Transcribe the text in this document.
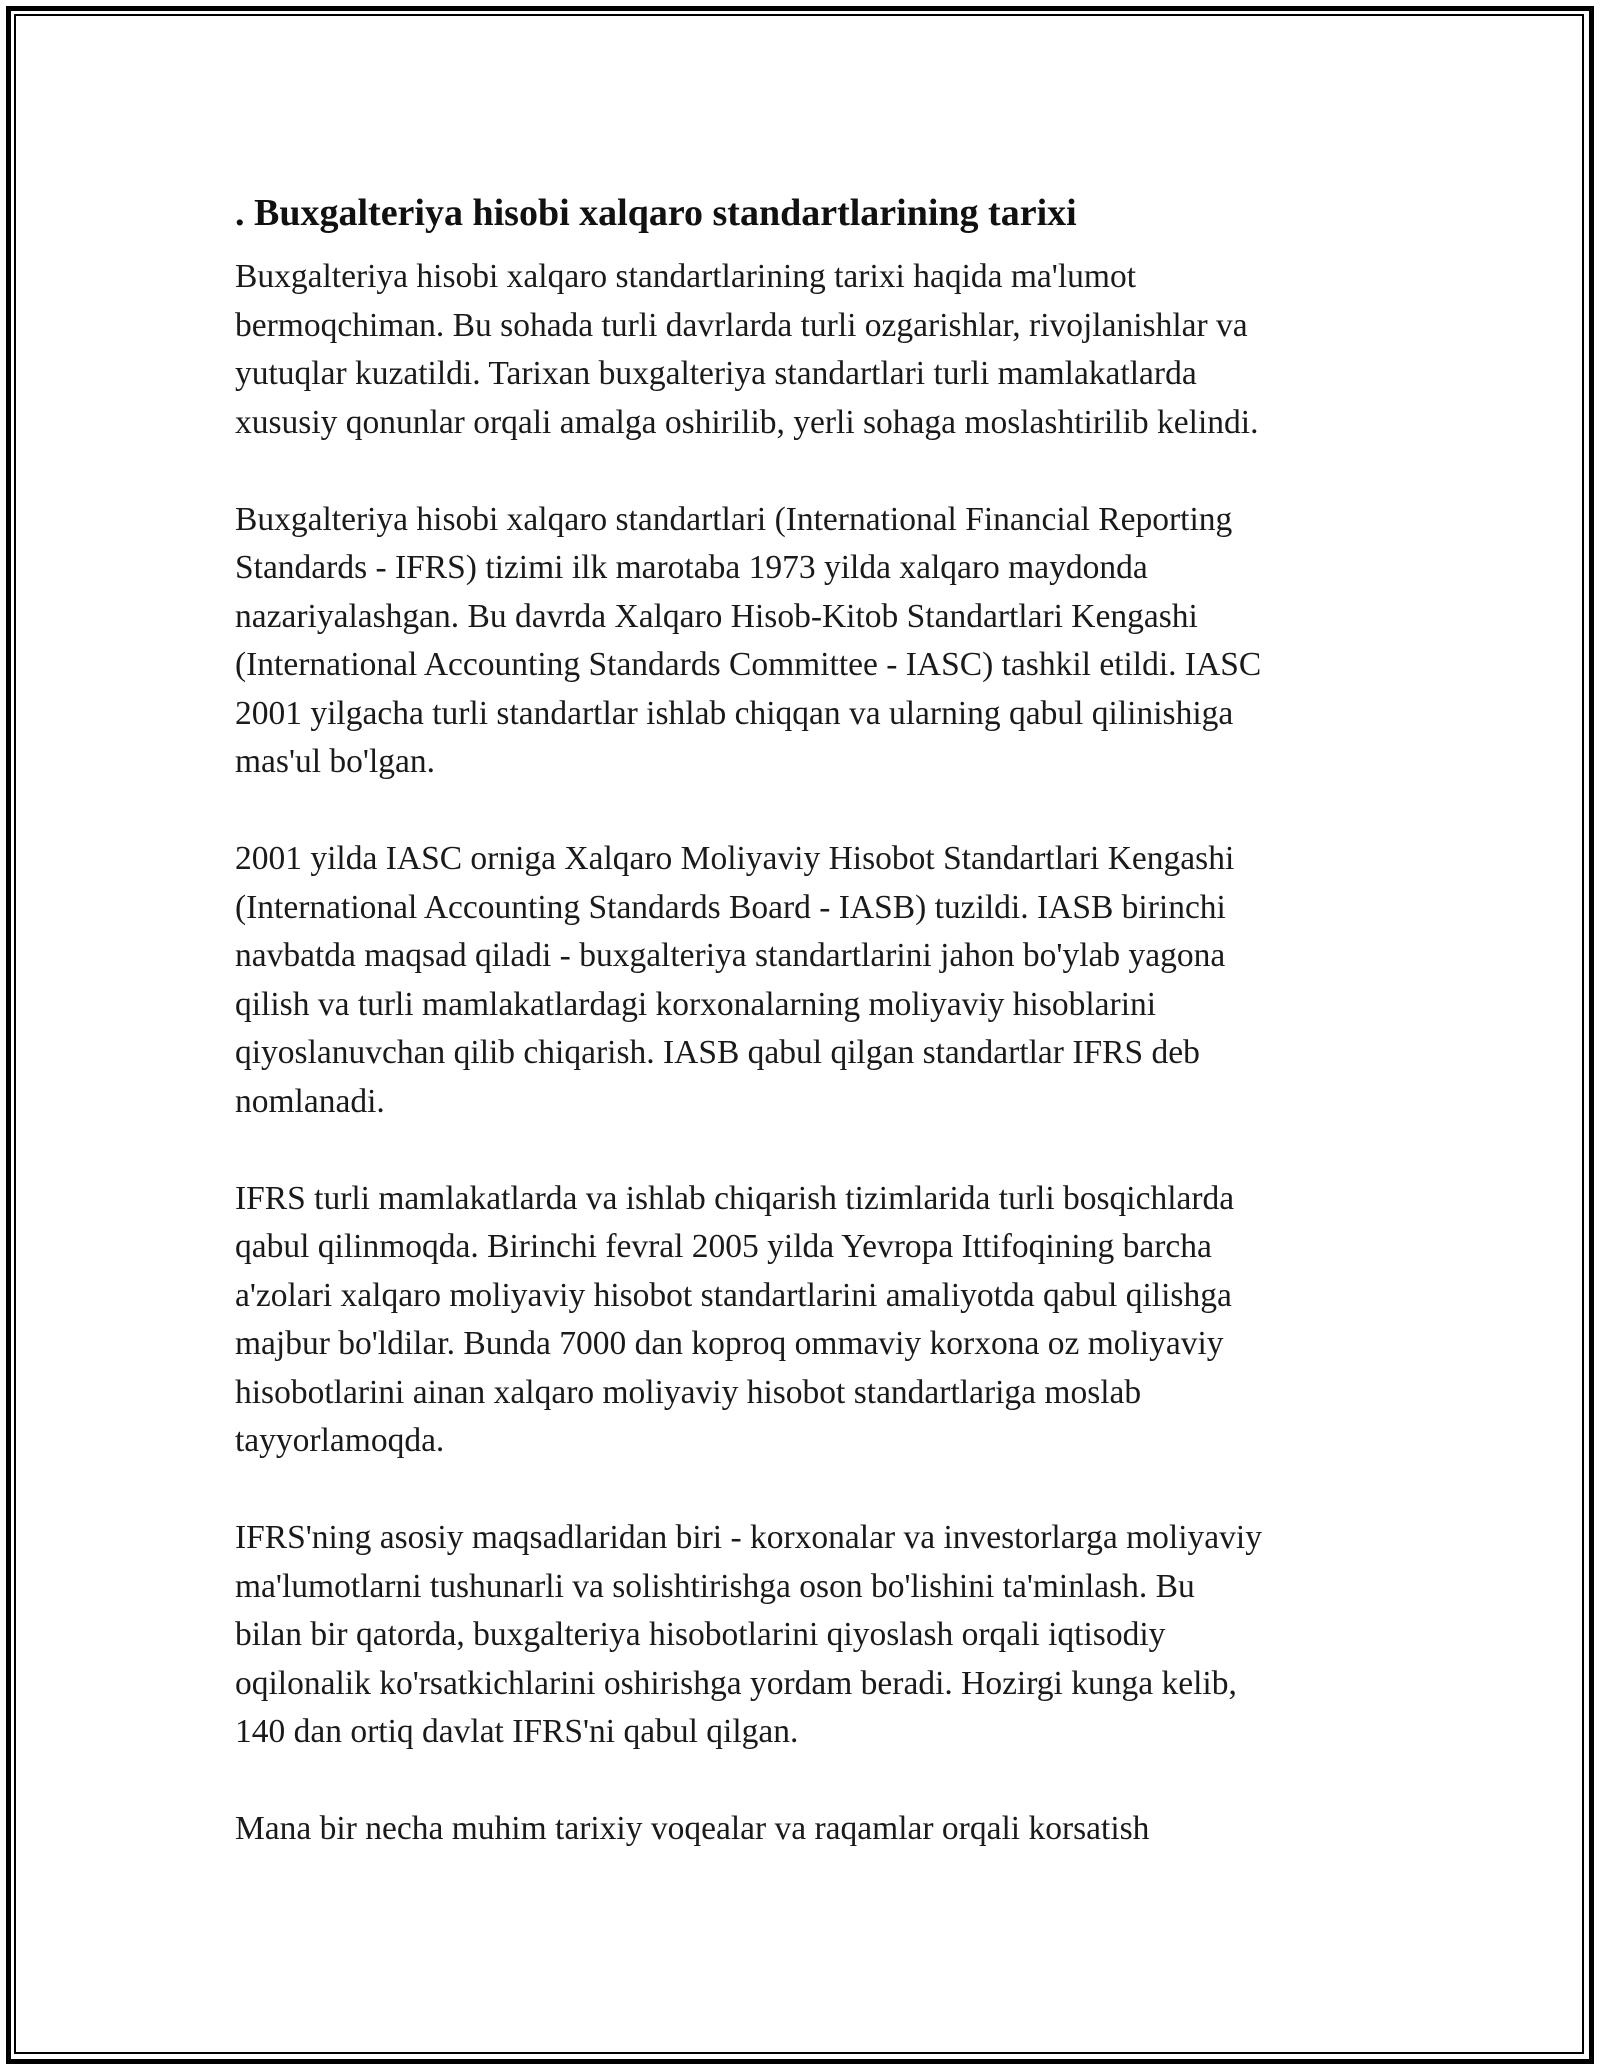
. Buxgalteriya hisobi xalqaro standartlarining tarixi

Buxgalteriya hisobi xalqaro standartlarining tarixi haqida ma'lumot
bermoqchiman. Bu sohada turli davrlarda turli ozgarishlar, rivojlanishlar va
yutuqlar kuzatildi. Tarixan buxgalteriya standartlari turli mamlakatlarda
xususiy qonunlar orqali amalga oshirilib, yerli sohaga moslashtirilib kelindi.

Buxgalteriya hisobi xalqaro standartlari (International Financial Reporting
Standards - IFRS) tizimi ilk marotaba 1973 yilda xalqaro maydonda
nazariyalashgan. Bu davrda Xalqaro Hisob-Kitob Standartlari Kengashi
(International Accounting Standards Committee - IASC) tashkil etildi. IASC
2001 yilgacha turli standartlar ishlab chiqqan va ularning qabul qilinishiga
mas'ul bo'lgan.

2001 yilda IASC orniga Xalqaro Moliyaviy Hisobot Standartlari Kengashi
(International Accounting Standards Board - IASB) tuzildi. IASB birinchi
navbatda maqsad qiladi - buxgalteriya standartlarini jahon bo'ylab yagona
qilish va turli mamlakatlardagi korxonalarning moliyaviy hisoblarini
qiyoslanuvchan qilib chiqarish. IASB qabul qilgan standartlar IFRS deb
nomlanadi.

IFRS turli mamlakatlarda va ishlab chiqarish tizimlarida turli bosqichlarda
qabul qilinmoqda. Birinchi fevral 2005 yilda Yevropa Ittifoqining barcha
a'zolari xalqaro moliyaviy hisobot standartlarini amaliyotda qabul qilishga
majbur bo'ldilar. Bunda 7000 dan koproq ommaviy korxona oz moliyaviy
hisobotlarini ainan xalqaro moliyaviy hisobot standartlariga moslab
tayyorlamoqda.

IFRS'ning asosiy maqsadlaridan biri - korxonalar va investorlarga moliyaviy
ma'lumotlarni tushunarli va solishtirishga oson bo'lishini ta'minlash. Bu
bilan bir qatorda, buxgalteriya hisobotlarini qiyoslash orqali iqtisodiy
oqilonalik ko'rsatkichlarini oshirishga yordam beradi. Hozirgi kunga kelib,
140 dan ortiq davlat IFRS'ni qabul qilgan.

Mana bir necha muhim tarixiy voqealar va raqamlar orqali korsatish
